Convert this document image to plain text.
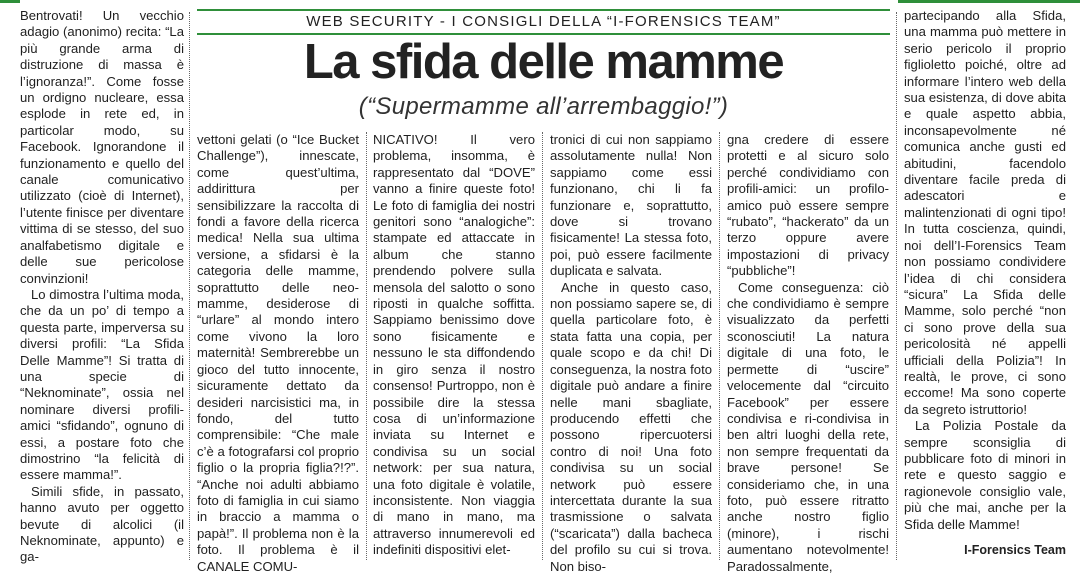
WEB SECURITY - I CONSIGLI DELLA “I-FORENSICS TEAM”
La sfida delle mamme
(“Supermamme all’arrembaggio!”)

Bentrovati! Un vecchio adagio (anonimo) recita: “La più grande arma di distruzione di massa è l’ignoranza!”. Come fosse un ordigno nucleare, essa esplode in rete ed, in particolar modo, su Facebook. Ignorandone il funzionamento e quello del canale comunicativo utilizzato (cioè di Internet), l’utente finisce per diventare vittima di se stesso, del suo analfabetismo digitale e delle sue pericolose convinzioni!

Lo dimostra l’ultima moda, che da un po’ di tempo a questa parte, imperversa su diversi profili: “La Sfida Delle Mamme”! Si tratta di una specie di “Neknominate”, ossia nel nominare diversi profili-amici “sfidando”, ognuno di essi, a postare foto che dimostrino “la felicità di essere mamma!”.

Simili sfide, in passato, hanno avuto per oggetto bevute di alcolici (il Neknominate, appunto) e ga-

vettoni gelati (o “Ice Bucket Challenge”), innescate, come quest’ultima, addirittura per sensibilizzare la raccolta di fondi a favore della ricerca medica! Nella sua ultima versione, a sfidarsi è la categoria delle mamme, soprattutto delle neo-mamme, desiderose di “urlare” al mondo intero come vivono la loro maternità! Sembrerebbe un gioco del tutto innocente, sicuramente dettato da desideri narcisistici ma, in fondo, del tutto comprensibile: “Che male c’è a fotografarsi col proprio figlio o la propria figlia?!?”. “Anche noi adulti abbiamo foto di famiglia in cui siamo in braccio a mamma o papà!”. Il problema non è la foto. Il problema è il CANALE COMU-

NICATIVO! Il vero problema, insomma, è rappresentato dal “DOVE” vanno a finire queste foto! Le foto di famiglia dei nostri genitori sono “analogiche”: stampate ed attaccate in album che stanno prendendo polvere sulla mensola del salotto o sono riposti in qualche soffitta. Sappiamo benissimo dove sono fisicamente e nessuno le sta diffondendo in giro senza il nostro consenso! Purtroppo, non è possibile dire la stessa cosa di un’informazione inviata su Internet e condivisa su un social network: per sua natura, una foto digitale è volatile, inconsistente. Non viaggia di mano in mano, ma attraverso innumerevoli ed indefiniti dispositivi elet-

tronici di cui non sappiamo assolutamente nulla! Non sappiamo come essi funzionano, chi li fa funzionare e, soprattutto, dove si trovano fisicamente! La stessa foto, poi, può essere facilmente duplicata e salvata.

Anche in questo caso, non possiamo sapere se, di quella particolare foto, è stata fatta una copia, per quale scopo e da chi! Di conseguenza, la nostra foto digitale può andare a finire nelle mani sbagliate, producendo effetti che possono ripercuotersi contro di noi! Una foto condivisa su un social network può essere intercettata durante la sua trasmissione o salvata (“scaricata”) dalla bacheca del profilo su cui si trova. Non biso-

gna credere di essere protetti e al sicuro solo perché condividiamo con profili-amici: un profilo-amico può essere sempre “rubato”, “hackerato” da un terzo oppure avere impostazioni di privacy “pubbliche”!

Come conseguenza: ciò che condividiamo è sempre visualizzato da perfetti sconosciuti! La natura digitale di una foto, le permette di “uscire” velocemente dal “circuito Facebook” per essere condivisa e ri-condivisa in ben altri luoghi della rete, non sempre frequentati da brave persone! Se consideriamo che, in una foto, può essere ritratto anche nostro figlio (minore), i rischi aumentano notevolmente! Paradossalmente,

partecipando alla Sfida, una mamma può mettere in serio pericolo il proprio figlioletto poiché, oltre ad informare l’intero web della sua esistenza, di dove abita e quale aspetto abbia, inconsapevolmente né comunica anche gusti ed abitudini, facendolo diventare facile preda di adescatori e malintenzionati di ogni tipo! In tutta coscienza, quindi, noi dell’I-Forensics Team non possiamo condividere l’idea di chi considera “sicura” La Sfida delle Mamme, solo perché “non ci sono prove della sua pericolosità né appelli ufficiali della Polizia”! In realtà, le prove, ci sono eccome! Ma sono coperte da segreto istruttorio!

La Polizia Postale da sempre sconsiglia di pubblicare foto di minori in rete e questo saggio e ragionevole consiglio vale, più che mai, anche per la Sfida delle Mamme!

I-Forensics Team
